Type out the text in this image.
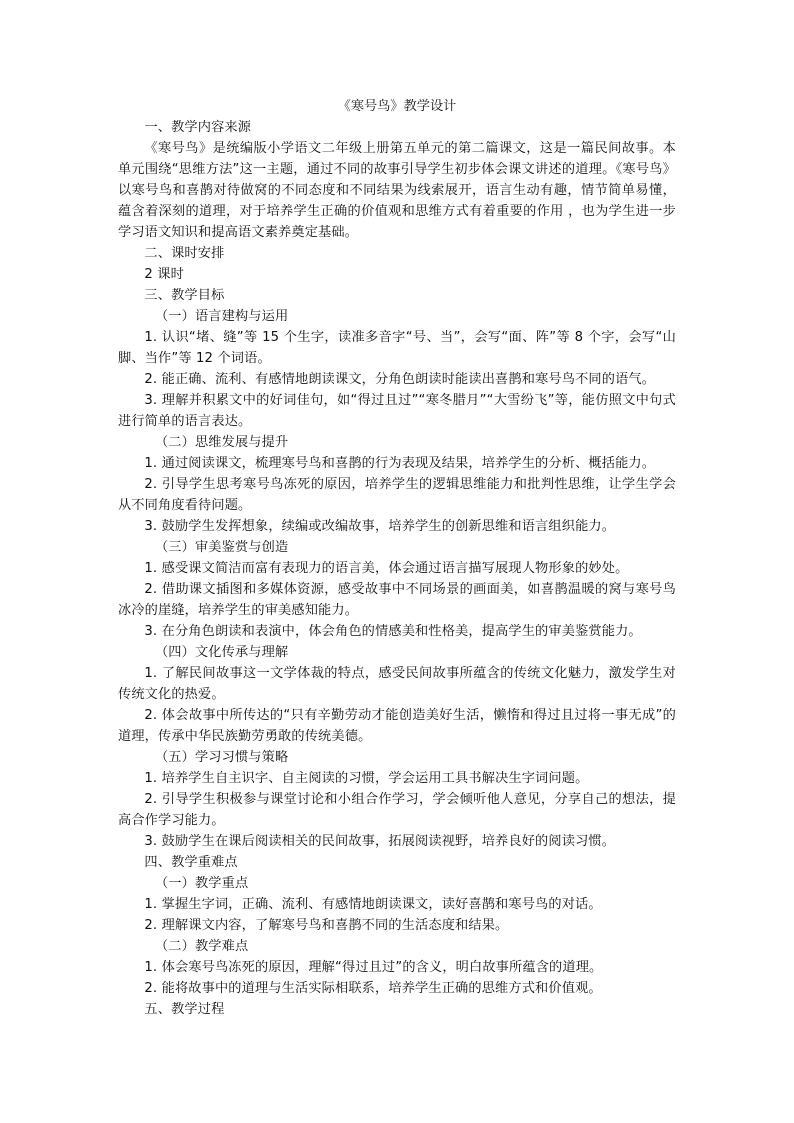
《寒号鸟》教学设计

一、教学内容来源

《寒号鸟》是统编版小学语文二年级上册第五单元的第二篇课文，这是一篇民间故事。本单元围绕“思维方法”这一主题，通过不同的故事引导学生初步体会课文讲述的道理。《寒号鸟》以寒号鸟和喜鹊对待做窝的不同态度和不同结果为线索展开，语言生动有趣，情节简单易懂，蕴含着深刻的道理，对于培养学生正确的价值观和思维方式有着重要的作用 ，也为学生进一步学习语文知识和提高语文素养奠定基础。

二、课时安排

2 课时

三、教学目标

（一）语言建构与运用

1. 认识“堵、缝”等 15 个生字，读准多音字“号、当”，会写“面、阵”等 8 个字，会写“山脚、当作”等 12 个词语。

2. 能正确、流利、有感情地朗读课文，分角色朗读时能读出喜鹊和寒号鸟不同的语气。

3. 理解并积累文中的好词佳句，如“得过且过”“寒冬腊月”“大雪纷飞”等，能仿照文中句式进行简单的语言表达。

（二）思维发展与提升

1. 通过阅读课文，梳理寒号鸟和喜鹊的行为表现及结果，培养学生的分析、概括能力。

2. 引导学生思考寒号鸟冻死的原因，培养学生的逻辑思维能力和批判性思维，让学生学会从不同角度看待问题。

3. 鼓励学生发挥想象，续编或改编故事，培养学生的创新思维和语言组织能力。

（三）审美鉴赏与创造

1. 感受课文简洁而富有表现力的语言美，体会通过语言描写展现人物形象的妙处。

2. 借助课文插图和多媒体资源，感受故事中不同场景的画面美，如喜鹊温暖的窝与寒号鸟冰冷的崖缝，培养学生的审美感知能力。

3. 在分角色朗读和表演中，体会角色的情感美和性格美，提高学生的审美鉴赏能力。

（四）文化传承与理解

1. 了解民间故事这一文学体裁的特点，感受民间故事所蕴含的传统文化魅力，激发学生对传统文化的热爱。

2. 体会故事中所传达的“只有辛勤劳动才能创造美好生活，懒惰和得过且过将一事无成”的道理，传承中华民族勤劳勇敢的传统美德。

（五）学习习惯与策略

1. 培养学生自主识字、自主阅读的习惯，学会运用工具书解决生字词问题。

2. 引导学生积极参与课堂讨论和小组合作学习，学会倾听他人意见，分享自己的想法，提高合作学习能力。

3. 鼓励学生在课后阅读相关的民间故事，拓展阅读视野，培养良好的阅读习惯。

四、教学重难点

（一）教学重点

1. 掌握生字词，正确、流利、有感情地朗读课文，读好喜鹊和寒号鸟的对话。

2. 理解课文内容，了解寒号鸟和喜鹊不同的生活态度和结果。

（二）教学难点

1. 体会寒号鸟冻死的原因，理解“得过且过”的含义，明白故事所蕴含的道理。

2. 能将故事中的道理与生活实际相联系，培养学生正确的思维方式和价值观。

五、教学过程
